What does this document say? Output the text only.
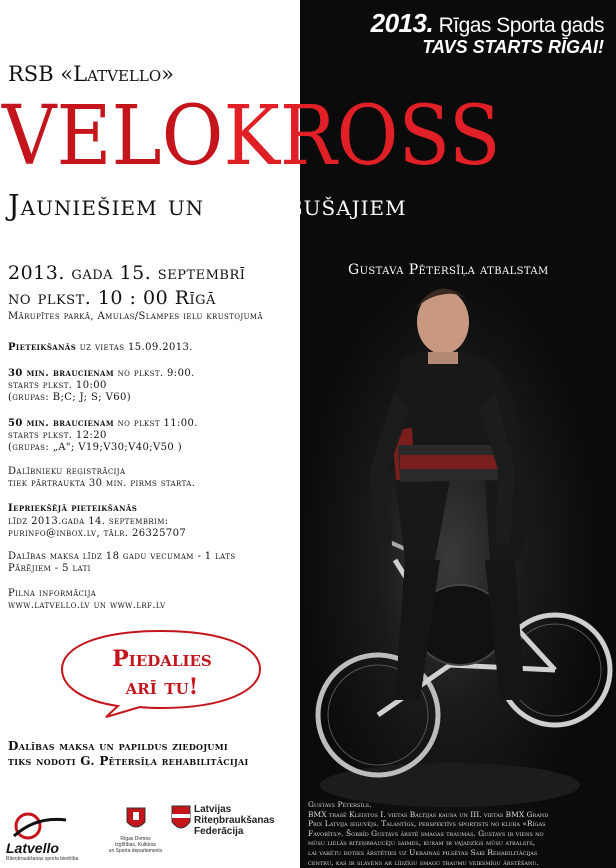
2013. Rīgas Sporta gads
TAVS STARTS RĪGAI!
RSB «Latvello»
VELOKROSS
Jauniešiem un pieaugušajiem
2013. gada 15. septembrī
no plkst. 10 : 00 Rīgā
Mārupītes parkā, Amulas/Slampes ielu krustojumā
Pieteikšanās uz vietas 15.09.2013.
30 min. braucienam no plkst. 9:00.
starts plkst. 10:00
(grupas: B;C; J; S; V60)
50 min. braucienam no plkst 11:00.
starts plkst. 12:20
(grupas: „A"; V19;V30;V40;V50 )
Dalībnieku reģistrācija
tiek pārtraukta 30 min. pirms starta.
Iepriekšējā pieteikšanās
līdz 2013.gada 14. septembrim:
purinfo@inbox.lv, tālr. 26325707
Dalības maksa līdz 18 gadu vecumam - 1 lats
Pārējiem - 5 lati
Pilna informācija
www.latvello.lv un www.lrf.lv
Piedalies
arī tu!
Dalības maksa un papildus ziedojumi
tiks nodoti G. Pētersīļa rehabilitācijai
Gustava Pētersīļa atbalstam
Gustavs Pētersīls.
BMX trasē Kleistos I. vietas Baltijas kausa un III. vietas BMX Grand
Prix Latvija ieguvējs. Talantīgs, perspektīvs sportists no kluba «Rīgas
Favorīts». Šobrīd Gustavs ārstē smagas traumas. Gustavs ir viens no
mūsu lielās riteņbraucēju saimes, kuram ir vajadzīgs mūsu atbalsts,
lai varētu doties ārstēties uz Ukrainas pilsētas Saki Rehabilitācijas
centru, kas ir slavens ar līdzīgu smagu traumu veiksmīgu ārstēšanu.
Latvello
Riteņbraukšanas sporta biedrība
Rīgas Domes
Izglītības, Kultūras
un Sporta departaments
Latvijas
Riteņbraukšanas
Federācija
